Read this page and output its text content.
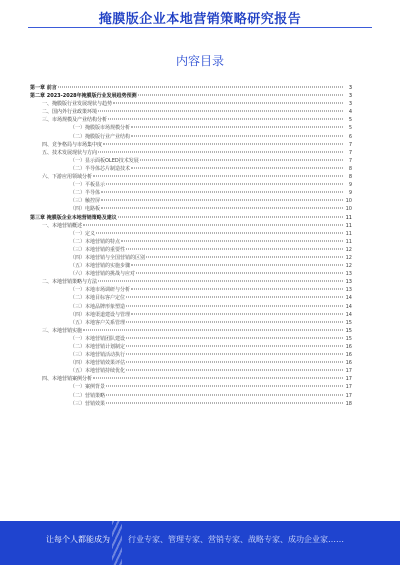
掩膜版企业本地营销策略研究报告
内容目录
第一章 前言	3
第二章 2023-2028年掩膜版行业发展趋势预测	3
一、掩膜版行业发展现状与趋势	3
二、国内外行业政策环境	4
三、市场规模及产业结构分析	5
（一）掩膜版市场规模分析	5
（二）掩膜版行业产业结构	6
四、竞争格局与市场集中度	7
五、技术发展现状与方向	7
（一）显示面板OLED技术发展	7
（二）半导体芯片制造技术	8
六、下游应用领域分析	8
（一）平板显示	9
（二）半导体	9
（三）触控屏	10
（四）电路板	10
第三章 掩膜版企业本地营销策略及建议	11
一、本地营销概述	11
（一）定义	11
（二）本地营销的特点	11
（三）本地营销的重要性	12
（四）本地营销与全国营销的区别	12
（五）本地营销的实施步骤	12
（六）本地营销的挑战与应对	13
二、本地营销策略与方法	13
（一）本地市场调研与分析	13
（二）本地目标客户定位	14
（三）本地品牌形象塑造	14
（四）本地渠道建设与管理	14
（五）本地客户关系管理	15
三、本地营销实施	15
（一）本地营销团队建设	15
（二）本地营销计划制定	16
（三）本地营销活动执行	16
（四）本地营销效果评估	16
（五）本地营销持续优化	17
四、本地营销案例分析	17
（一）案例背景	17
（二）营销策略	17
（三）营销效果	18
让每个人都能成为 行业专家、管理专家、营销专家、战略专家、成功企业家……
